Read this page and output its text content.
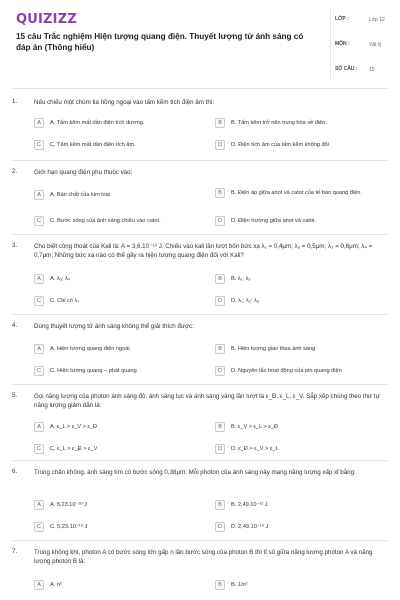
QUIZIZZ
15 câu Trắc nghiệm Hiện tượng quang điện. Thuyết lượng tử ánh sáng có đáp án (Thông hiểu)
LỚP :	Lớp 12
MÔN :	Vật lý
SỐ CÂU : 15
1.	Nếu chiếu một chùm tia hồng ngoại vào tấm kẽm tích điện âm thì:
A	A. Tấm kẽm mất dần điện tích dương.	B	B. Tấm kẽm trở nên trung hòa về điện.
C	C. Tấm kẽm mất dần điện tích âm.	D	D. Điện tích âm của tấm kẽm không đổi
2.	Giới hạn quang điện phụ thuộc vào:
A	A. Bản chất của kim loại	B	B. Điện áp giữa anot và catot của tế bào quang điện.
C	C. Bước sóng của ánh sáng chiếu vào catot.	D	D. Điện trường giữa anot và catot.
3.	Cho biết công thoát của Kali là: A = 3,6.10⁻¹⁹ J. Chiếu vào kali lần lượt bốn bức xạ λ₁ = 0,4μm; λ₂ = 0,5μm; λ₃ = 0,6μm; λ₄ = 0,7μm; Những bức xạ nào có thể gây ra hiện tượng quang điện đối với Kali?
A	A. λ₃; λ₄	B	B. λ₁; λ₂
C	C. Chỉ có λ₁	D	D. λ₁; λ₂; λ₃
4.	Dùng thuyết lượng tử ánh sáng không thể giải thích được:
A	A. Hiện tượng quang điện ngoài	B	B. Hiện tượng giao thoa ánh sáng
C	C. Hiện tượng quang – phát quang	D	D. Nguyên tắc hoạt động của pin quang điện
5.	Gọi năng lượng của photon ánh sáng đỏ, ánh sáng lục và ánh sáng vàng lần lượt là ε_Đ, ε_L, ε_V. Sắp xếp chúng theo thứ tự năng lượng giảm dần là:
A	A. ε_L > ε_V > ε_Đ	B	B. ε_V > ε_L > ε_Đ
C	C. ε_L > ε_Đ > ε_V	D	D. ε_Đ > ε_V > ε_L
6.	Trong chân không, ánh sáng tím có bước sóng 0,38μm. Mỗi photon của ánh sáng này mang năng lượng xấp xỉ bằng:
A	A. 5,23.10⁻²⁰ J	B	B. 2,49.10⁻³¹ J
C	C. 5,23.10⁻¹⁹ J	D	D. 2,49.10⁻¹⁹ J
7.	Trong không khí, photon A có bước sóng lớn gấp n lần bước sóng của photon B thì tỉ số giữa năng lượng photon A và năng lượng photon B là:
A	A. n²	B	B. 1/n²
